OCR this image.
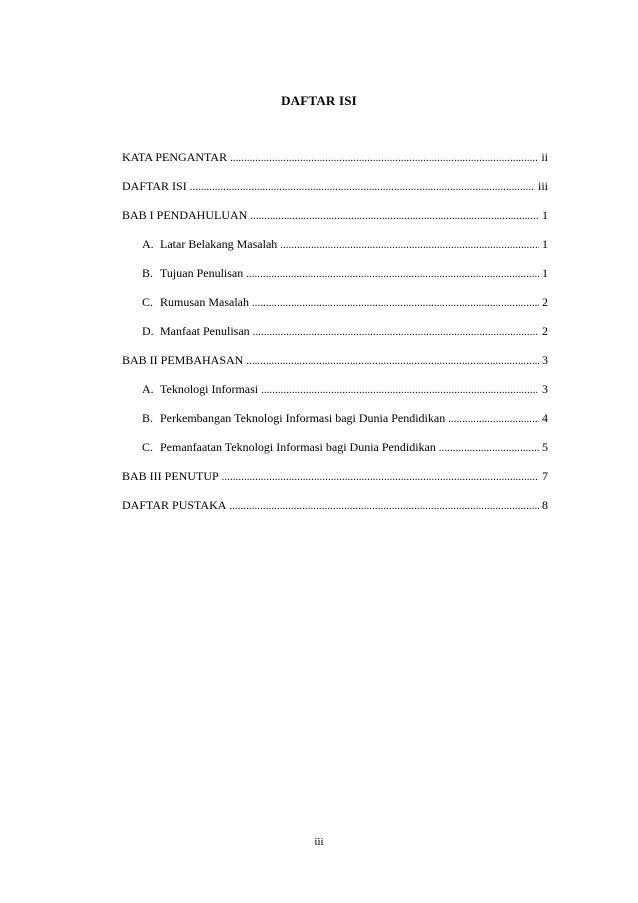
DAFTAR ISI
KATA PENGANTAR .....	ii
DAFTAR ISI .....	iii
BAB I PENDAHULUAN .....	1
A. Latar Belakang Masalah .....	1
B. Tujuan Penulisan .....	1
C. Rumusan Masalah .....	2
D. Manfaat Penulisan .....	2
BAB II PEMBAHASAN .....	3
A. Teknologi Informasi .....	3
B. Perkembangan Teknologi Informasi bagi Dunia Pendidikan .....	4
C. Pemanfaatan Teknologi Informasi bagi Dunia Pendidikan .....	5
BAB III PENUTUP .....	7
DAFTAR PUSTAKA .....	8
iii
